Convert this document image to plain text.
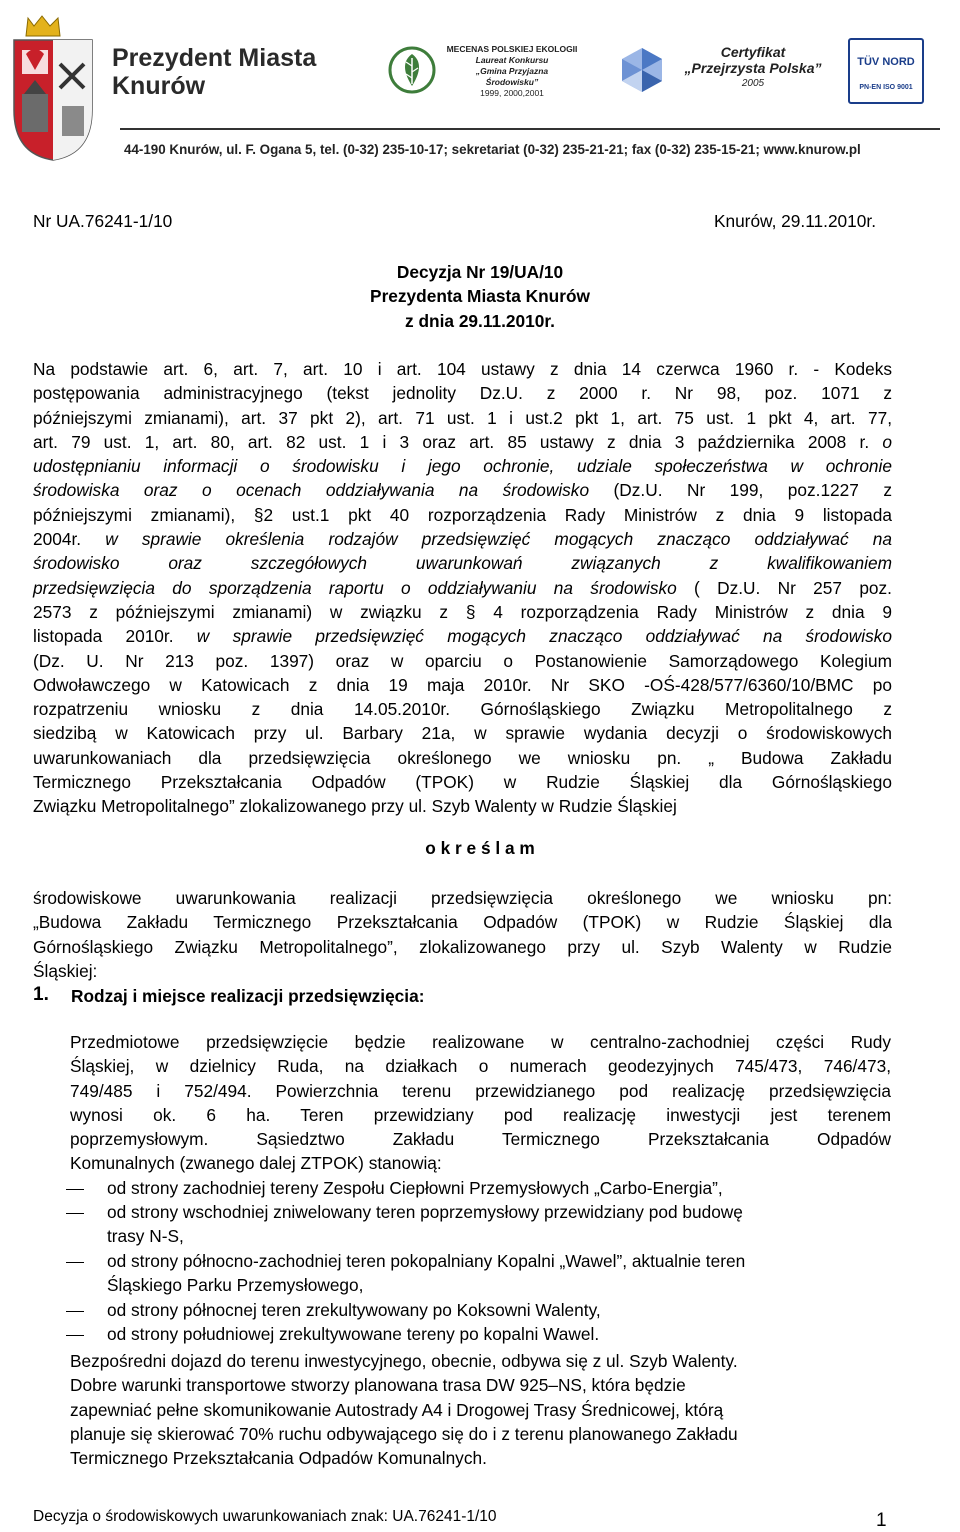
Prezydent Miasta
Knurów
MECENAS POLSKIEJ EKOLOGII
Laureat Konkursu
„Gmina Przyjazna
Środowisku”
1999, 2000,2001
Certyfikat
„Przejrzysta Polska”
2005
TÜV NORD
PN-EN ISO 9001
44-190 Knurów, ul. F. Ogana 5, tel. (0-32) 235-10-17; sekretariat (0-32) 235-21-21; fax (0-32) 235-15-21; www.knurow.pl
Nr UA.76241-1/10	Knurów, 29.11.2010r.
Decyzja Nr 19/UA/10
Prezydenta Miasta Knurów
z dnia 29.11.2010r.
Na podstawie art. 6, art. 7, art. 10 i art. 104 ustawy z dnia 14 czerwca 1960 r. - Kodeks
postępowania administracyjnego (tekst jednolity Dz.U. z 2000 r. Nr 98, poz. 1071 z
późniejszymi zmianami), art. 37 pkt 2), art. 71 ust. 1 i ust.2 pkt 1, art. 75 ust. 1 pkt 4, art. 77,
art. 79 ust. 1, art. 80, art. 82 ust. 1 i 3 oraz art. 85 ustawy z dnia 3 października 2008 r. o
udostępnianiu informacji o środowisku i jego ochronie, udziale społeczeństwa w ochronie
środowiska oraz o ocenach oddziaływania na środowisko (Dz.U. Nr 199, poz.1227 z
późniejszymi zmianami), §2 ust.1 pkt 40 rozporządzenia Rady Ministrów z dnia 9 listopada
2004r. w sprawie określenia rodzajów przedsięwzięć mogących znacząco oddziaływać na
środowisko oraz szczegółowych uwarunkowań związanych z kwalifikowaniem
przedsięwzięcia do sporządzenia raportu o oddziaływaniu na środowisko ( Dz.U. Nr 257 poz.
2573 z późniejszymi zmianami) w związku z § 4 rozporządzenia Rady Ministrów z dnia 9
listopada 2010r. w sprawie przedsięwzięć mogących znacząco oddziaływać na środowisko
(Dz. U. Nr 213 poz. 1397) oraz w oparciu o Postanowienie Samorządowego Kolegium
Odwoławczego w Katowicach z dnia 19 maja 2010r. Nr SKO -OŚ-428/577/6360/10/BMC po
rozpatrzeniu wniosku z dnia 14.05.2010r. Górnośląskiego Związku Metropolitalnego z
siedzibą w Katowicach przy ul. Barbary 21a, w sprawie wydania decyzji o środowiskowych
uwarunkowaniach dla przedsięwzięcia określonego we wniosku pn. „ Budowa Zakładu
Termicznego Przekształcania Odpadów (TPOK) w Rudzie Śląskiej dla Górnośląskiego
Związku Metropolitalnego” zlokalizowanego przy ul. Szyb Walenty w Rudzie Śląskiej
o k r e ś l a m
środowiskowe uwarunkowania realizacji przedsięwzięcia określonego we wniosku pn:
„Budowa Zakładu Termicznego Przekształcania Odpadów (TPOK) w Rudzie Śląskiej dla
Górnośląskiego Związku Metropolitalnego”, zlokalizowanego przy ul. Szyb Walenty w Rudzie
Śląskiej:
1. Rodzaj i miejsce realizacji przedsięwzięcia:
Przedmiotowe przedsięwzięcie będzie realizowane w centralno-zachodniej części Rudy
Śląskiej, w dzielnicy Ruda, na działkach o numerach geodezyjnych 745/473, 746/473,
749/485 i 752/494. Powierzchnia terenu przewidzianego pod realizację przedsięwzięcia
wynosi ok. 6 ha. Teren przewidziany pod realizację inwestycji jest terenem
poprzemysłowym. Sąsiedztwo Zakładu Termicznego Przekształcania Odpadów
Komunalnych (zwanego dalej ZTPOK) stanowią:
od strony zachodniej tereny Zespołu Ciepłowni Przemysłowych „Carbo-Energia”,
od strony wschodniej zniwelowany teren poprzemysłowy przewidziany pod budowę
trasy N-S,
od strony północno-zachodniej teren pokopalniany Kopalni „Wawel”, aktualnie teren
Śląskiego Parku Przemysłowego,
od strony północnej teren zrekultywowany po Koksowni Walenty,
od strony południowej zrekultywowane tereny po kopalni Wawel.
Bezpośredni dojazd do terenu inwestycyjnego, obecnie, odbywa się z ul. Szyb Walenty.
Dobre warunki transportowe stworzy planowana trasa DW 925–NS, która będzie
zapewniać pełne skomunikowanie Autostrady A4 i Drogowej Trasy Średnicowej, którą
planuje się skierować 70% ruchu odbywającego się do i z terenu planowanego Zakładu
Termicznego Przekształcania Odpadów Komunalnych.
Decyzja o środowiskowych uwarunkowaniach znak: UA.76241-1/10	1
